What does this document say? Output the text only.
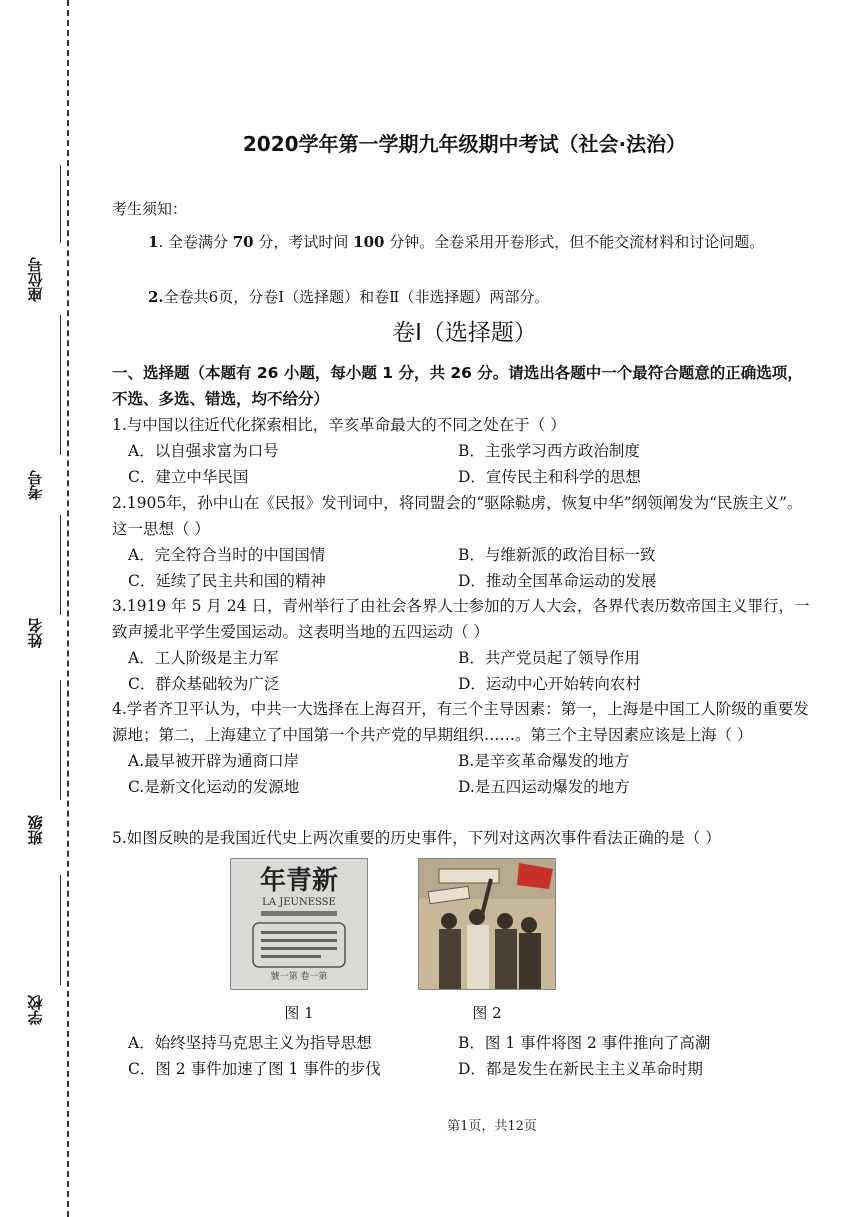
座位号
考号
姓名
班级
学校
2020学年第一学期九年级期中考试（社会·法治）
考生须知：
1. 全卷满分 70 分，考试时间 100 分钟。全卷采用开卷形式，但不能交流材料和讨论问题。
2.全卷共6页，分卷Ⅰ（选择题）和卷Ⅱ（非选择题）两部分。
卷Ⅰ（选择题）
一、选择题（本题有 26 小题，每小题 1 分，共 26 分。请选出各题中一个最符合题意的正确选项，不选、多选、错选，均不给分）

1.与中国以往近代化探索相比，辛亥革命最大的不同之处在于（ ）

A．以自强求富为口号	B．主张学习西方政治制度
C．建立中华民国	D．宣传民主和科学的思想

2.1905年，孙中山在《民报》发刊词中，将同盟会的“驱除鞑虏，恢复中华”纲领阐发为“民族主义”。这一思想（ ）

A．完全符合当时的中国国情	B．与维新派的政治目标一致
C．延续了民主共和国的精神	D．推动全国革命运动的发展

3.1919 年 5 月 24 日，青州举行了由社会各界人士参加的万人大会，各界代表历数帝国主义罪行，一致声援北平学生爱国运动。这表明当地的五四运动（ ）

A．工人阶级是主力军	B．共产党员起了领导作用
C．群众基础较为广泛	D．运动中心开始转向农村

4.学者齐卫平认为，中共一大选择在上海召开，有三个主导因素：第一，上海是中国工人阶级的重要发源地；第二，上海建立了中国第一个共产党的早期组织……。第三个主导因素应该是上海（ ）

A.最早被开辟为通商口岸	B.是辛亥革命爆发的地方
C.是新文化运动的发源地	D.是五四运动爆发的地方

5.如图反映的是我国近代史上两次重要的历史事件，下列对这两次事件看法正确的是（ ）

年青新
LA JEUNESSE
號一第 卷一第
图 1	图 2
A．始终坚持马克思主义为指导思想	B．图 1 事件将图 2 事件推向了高潮
C．图 2 事件加速了图 1 事件的步伐	D．都是发生在新民主主义革命时期
第1页，共12页
